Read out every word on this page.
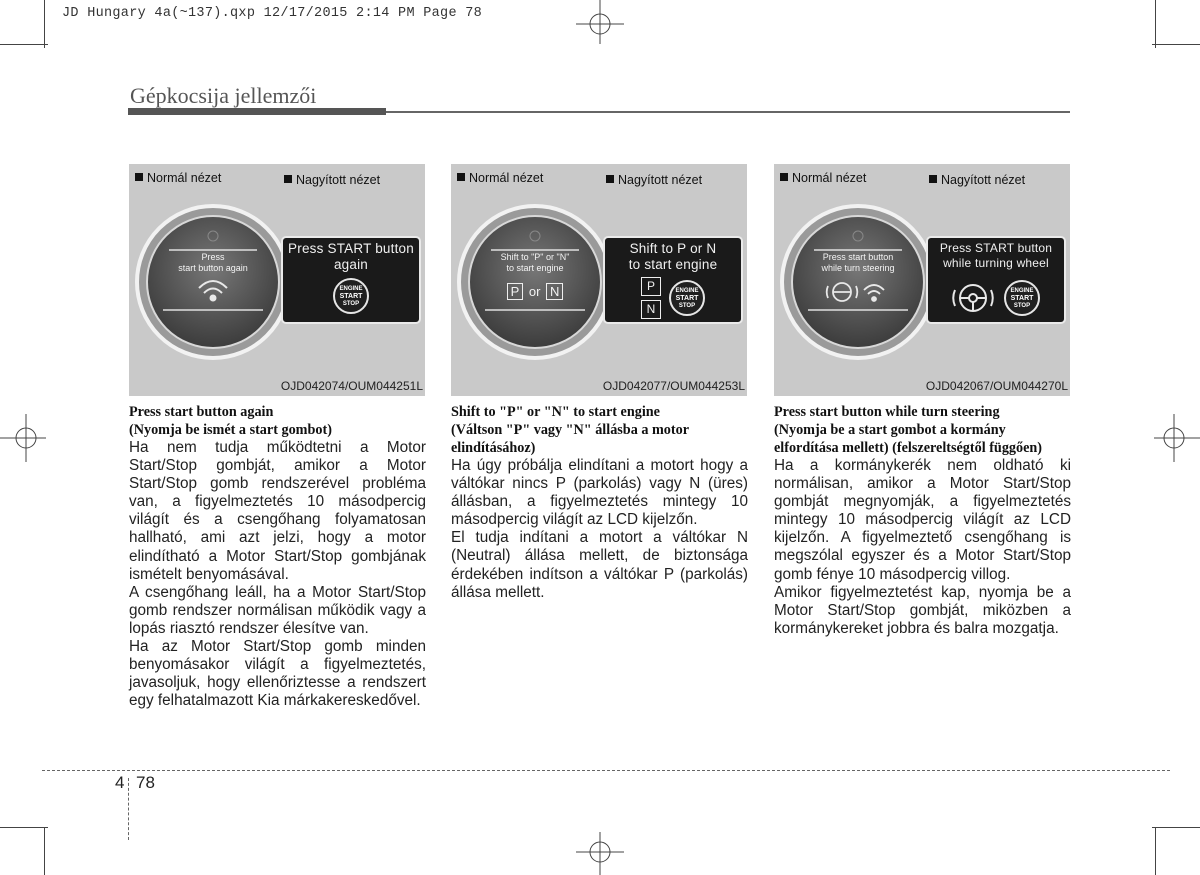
JD Hungary 4a(~137).qxp 12/17/2015 2:14 PM Page 78
Gépkocsija jellemzői
Normál nézet	Nagyított nézet
Press
start button again
Press START button
again
ENGINE
START
STOP
OJD042074/OUM044251L
Normál nézet	Nagyított nézet
Shift to "P" or "N"
to start engine
P or N
Shift to P or N
to start engine
P
N
ENGINE
START
STOP
OJD042077/OUM044253L
Normál nézet	Nagyított nézet
Press start button
while turn steering
Press START button
while turning wheel
ENGINE
START
STOP
OJD042067/OUM044270L
Press start button again
(Nyomja be ismét a start gombot)

Ha nem tudja működtetni a Motor Start/Stop gombját, amikor a Motor Start/Stop gomb rendszerével probléma van, a figyelmeztetés 10 másodpercig világít és a csengőhang folyamatosan hallható, ami azt jelzi, hogy a motor elindítható a Motor Start/Stop gombjának ismételt benyomásával.

A csengőhang leáll, ha a Motor Start/Stop gomb rendszer normálisan működik vagy a lopás riasztó rendszer élesítve van.

Ha az Motor Start/Stop gomb minden benyomásakor világít a figyelmeztetés, javasoljuk, hogy ellenőriztesse a rendszert egy felhatalmazott Kia márkakereskedővel.

Shift to "P" or "N" to start engine
(Váltson "P" vagy "N" állásba a motor elindításához)

Ha úgy próbálja elindítani a motort hogy a váltókar nincs P (parkolás) vagy N (üres) állásban, a figyelmeztetés mintegy 10 másodpercig világít az LCD kijelzőn.

El tudja indítani a motort a váltókar N (Neutral) állása mellett, de biztonsága érdekében indítson a váltókar P (parkolás) állása mellett.

Press start button while turn steering
(Nyomja be a start gombot a kormány elfordítása mellett) (felszereltségtől függően)

Ha a kormánykerék nem oldható ki normálisan, amikor a Motor Start/Stop gombját megnyomják, a figyelmeztetés mintegy 10 másodpercig világít az LCD kijelzőn. A figyelmeztető csengőhang is megszólal egyszer és a Motor Start/Stop gomb fénye 10 másodpercig villog.

Amikor figyelmeztetést kap, nyomja be a Motor Start/Stop gombját, miközben a kormánykereket jobbra és balra mozgatja.

4 78
